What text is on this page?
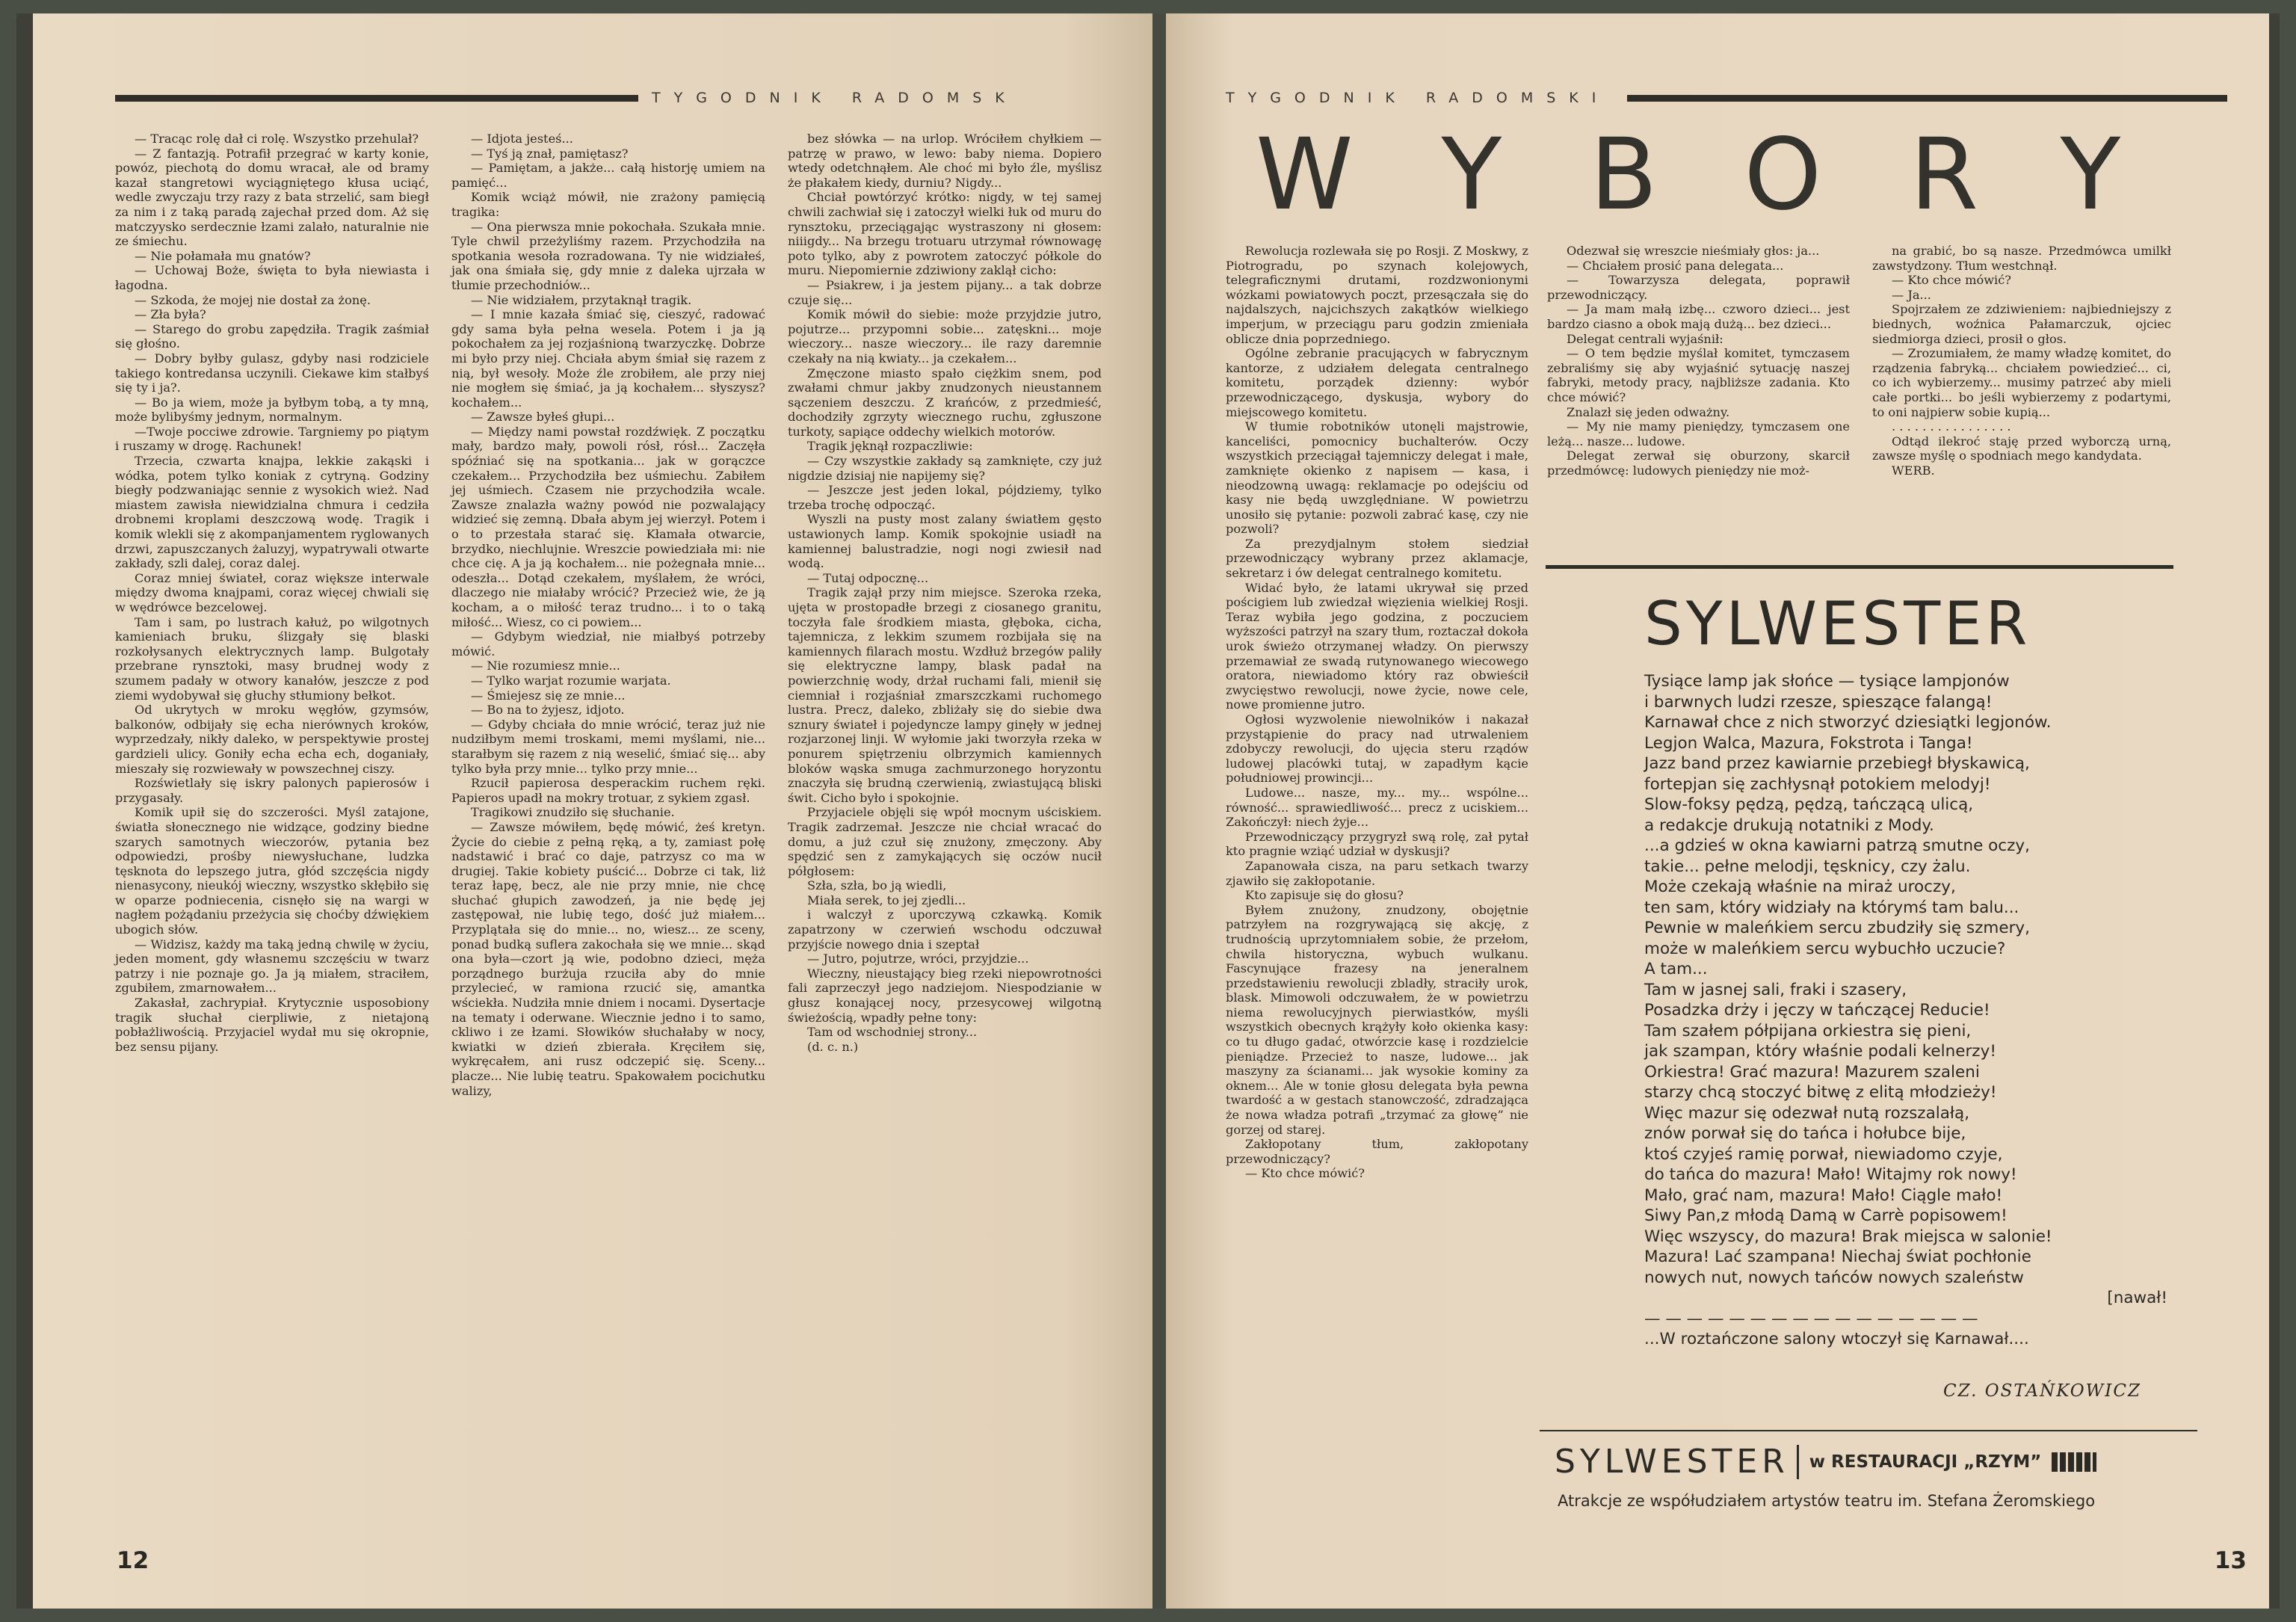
TYGODNIK RADOMSK

— Tracąc rolę dał ci rolę. Wszystko przehulał?

— Z fantazją. Potrafił przegrać w karty konie, powóz, piechotą do domu wracał, ale od bramy kazał stangretowi wyciągniętego kłusa uciąć, wedle zwyczaju trzy razy z bata strzelić, sam biegł za nim i z taką paradą zajechał przed dom. Aż się matczyysko serdecznie łzami zalało, naturalnie nie ze śmiechu.

— Nie połamała mu gnatów?

— Uchowaj Boże, święta to była niewiasta i łagodna.

— Szkoda, że mojej nie dostał za żonę.

— Zła była?

— Starego do grobu zapędziła. Tragik zaśmiał się głośno.

— Dobry byłby gulasz, gdyby nasi rodziciele takiego kontredansa uczynili. Ciekawe kim stałbyś się ty i ja?.

— Bo ja wiem, może ja byłbym tobą, a ty mną, może bylibyśmy jednym, normalnym.

—Twoje pocciwe zdrowie. Targniemy po piątym i ruszamy w drogę. Rachunek!

Trzecia, czwarta knajpa, lekkie zakąski i wódka, potem tylko koniak z cytryną. Godziny biegły podzwaniając sennie z wysokich wież. Nad miastem zawisła niewidzialna chmura i cedziła drobnemi kroplami deszczową wodę. Tragik i komik wlekli się z akompanjamentem ryglowanych drzwi, zapuszczanych żaluzyj, wypatrywali otwarte zakłady, szli dalej, coraz dalej.

Coraz mniej świateł, coraz większe interwale między dwoma knajpami, coraz więcej chwiali się w wędrówce bezcelowej.

Tam i sam, po lustrach kałuż, po wilgotnych kamieniach bruku, ślizgały się blaski rozkołysanych elektrycznych lamp. Bulgotały przebrane rynsztoki, masy brudnej wody z szumem padały w otwory kanałów, jeszcze z pod ziemi wydobywał się głuchy stłumiony bełkot.

Od ukrytych w mroku węgłów, gzymsów, balkonów, odbijały się echa nierównych kroków, wyprzedzały, nikły daleko, w perspektywie prostej gardzieli ulicy. Goniły echa echa ech, doganiały, mieszały się rozwiewały w powszechnej ciszy.

Rozświetlały się iskry palonych papierosów i przygasały.

Komik upił się do szczerości. Myśl zatajone, światła słonecznego nie widzące, godziny biedne szarych samotnych wieczorów, pytania bez odpowiedzi, prośby niewysłuchane, ludzka tęsknota do lepszego jutra, głód szczęścia nigdy nienasycony, nieukój wieczny, wszystko skłębiło się w oparze podniecenia, cisnęło się na wargi w nagłem pożądaniu przeżycia się choćby dźwiękiem ubogich słów.

— Widzisz, każdy ma taką jedną chwilę w życiu, jeden moment, gdy własnemu szczęściu w twarz patrzy i nie poznaje go. Ja ją miałem, straciłem, zgubiłem, zmarnowałem...

Zakasłał, zachrypiał. Krytycznie usposobiony tragik słuchał cierpliwie, z nietajoną pobłażliwością. Przyjaciel wydał mu się okropnie, bez sensu pijany.

— Idjota jesteś...

— Tyś ją znał, pamiętasz?

— Pamiętam, a jakże... całą historję umiem na pamięć...

Komik wciąż mówił, nie zrażony pamięcią tragika:

— Ona pierwsza mnie pokochała. Szukała mnie. Tyle chwil przeżyliśmy razem. Przychodziła na spotkania wesoła rozradowana. Ty nie widziałeś, jak ona śmiała się, gdy mnie z daleka ujrzała w tłumie przechodniów...

— Nie widziałem, przytaknął tragik.

— I mnie kazała śmiać się, cieszyć, radować gdy sama była pełna wesela. Potem i ja ją pokochałem za jej rozjaśnioną twarzyczkę. Dobrze mi było przy niej. Chciała abym śmiał się razem z nią, był wesoły. Może źle zrobiłem, ale przy niej nie mogłem się śmiać, ja ją kochałem... słyszysz? kochałem...

— Zawsze byłeś głupi...

— Między nami powstał rozdźwięk. Z początku mały, bardzo mały, powoli rósł, rósł... Zaczęła spóźniać się na spotkania... jak w gorączce czekałem... Przychodziła bez uśmiechu. Zabiłem jej uśmiech. Czasem nie przychodziła wcale. Zawsze znalazła ważny powód nie pozwalający widzieć się zemną. Dbała abym jej wierzył. Potem i o to przestała starać się. Kłamała otwarcie, brzydko, niechlujnie. Wreszcie powiedziała mi: nie chce cię. A ja ją kochałem... nie pożegnała mnie... odeszła... Dotąd czekałem, myślałem, że wróci, dlaczego nie miałaby wrócić? Przecież wie, że ją kocham, a o miłość teraz trudno... i to o taką miłość... Wiesz, co ci powiem...

— Gdybym wiedział, nie miałbyś potrzeby mówić.

— Nie rozumiesz mnie...

— Tylko warjat rozumie warjata.

— Śmiejesz się ze mnie...

— Bo na to żyjesz, idjoto.

— Gdyby chciała do mnie wrócić, teraz już nie nudziłbym memi troskami, memi myślami, nie... starałbym się razem z nią weselić, śmiać się... aby tylko była przy mnie... tylko przy mnie...

Rzucił papierosa desperackim ruchem ręki. Papieros upadł na mokry trotuar, z sykiem zgasł.

Tragikowi znudziło się słuchanie.

— Zawsze mówiłem, będę mówić, żeś kretyn. Życie do ciebie z pełną ręką, a ty, zamiast połę nadstawić i brać co daje, patrzysz co ma w drugiej. Takie kobiety puścić... Dobrze ci tak, liż teraz łapę, becz, ale nie przy mnie, nie chcę słuchać głupich zawodzeń, ja nie będę jej zastępował, nie lubię tego, dość już miałem... Przyplątała się do mnie... no, wiesz... ze sceny, ponad budką suflera zakochała się we mnie... skąd ona była—czort ją wie, podobno dzieci, męża porządnego burżuja rzuciła aby do mnie przylecieć, w ramiona rzucić się, amantka wściekła. Nudziła mnie dniem i nocami. Dysertacje na tematy i oderwane. Wiecznie jedno i to samo, ckliwo i ze łzami. Słowików słuchałaby w nocy, kwiatki w dzień zbierała. Kręciłem się, wykręcałem, ani rusz odczepić się. Sceny... placze... Nie lubię teatru. Spakowałem pocichutku walizy,

bez słówka — na urlop. Wróciłem chyłkiem — patrzę w prawo, w lewo: baby niema. Dopiero wtedy odetchnąłem. Ale choć mi było źle, myślisz że płakałem kiedy, durniu? Nigdy...

Chciał powtórzyć krótko: nigdy, w tej samej chwili zachwiał się i zatoczył wielki łuk od muru do rynsztoku, przeciągając wystraszony ni głosem: niiigdy... Na brzegu trotuaru utrzymał równowagę poto tylko, aby z powrotem zatoczyć półkole do muru. Niepomiernie zdziwiony zaklął cicho:

— Psiakrew, i ja jestem pijany... a tak dobrze czuje się...

Komik mówił do siebie: może przyjdzie jutro, pojutrze... przypomni sobie... zatęskni... moje wieczory... nasze wieczory... ile razy daremnie czekały na nią kwiaty... ja czekałem...

Zmęczone miasto spało ciężkim snem, pod zwałami chmur jakby znudzonych nieustannem sączeniem deszczu. Z krańców, z przedmieść, dochodziły zgrzyty wiecznego ruchu, zgłuszone turkoty, sapiące oddechy wielkich motorów.

Tragik jęknął rozpaczliwie:

— Czy wszystkie zakłady są zamknięte, czy już nigdzie dzisiaj nie napijemy się?

— Jeszcze jest jeden lokal, pójdziemy, tylko trzeba trochę odpocząć.

Wyszli na pusty most zalany światłem gęsto ustawionych lamp. Komik spokojnie usiadł na kamiennej balustradzie, nogi nogi zwiesił nad wodą.

— Tutaj odpocznę...

Tragik zajął przy nim miejsce. Szeroka rzeka, ujęta w prostopadłe brzegi z ciosanego granitu, toczyła fale środkiem miasta, głęboka, cicha, tajemnicza, z lekkim szumem rozbijała się na kamiennych filarach mostu. Wzdłuż brzegów paliły się elektryczne lampy, blask padał na powierzchnię wody, drżał ruchami fali, mienił się ciemniał i rozjaśniał zmarszczkami ruchomego lustra. Precz, daleko, zbliżały się do siebie dwa sznury świateł i pojedyncze lampy ginęły w jednej rozjarzonej linji. W wyłomie jaki tworzyła rzeka w ponurem spiętrzeniu olbrzymich kamiennych bloków wąska smuga zachmurzonego horyzontu znaczyła się brudną czerwienią, zwiastującą bliski świt. Cicho było i spokojnie.

Przyjaciele objęli się wpół mocnym uściskiem. Tragik zadrzemał. Jeszcze nie chciał wracać do domu, a już czuł się znużony, zmęczony. Aby spędzić sen z zamykających się oczów nucił półgłosem:

Szła, szła, bo ją wiedli,

Miała serek, to jej zjedli...

i walczył z uporczywą czkawką. Komik zapatrzony w czerwień wschodu odczuwał przyjście nowego dnia i szeptał

— Jutro, pojutrze, wróci, przyjdzie...

Wieczny, nieustający bieg rzeki niepowrotności fali zaprzeczył jego nadziejom. Niespodzianie w głusz konającej nocy, przesycowej wilgotną świeżością, wpadły pełne tony:

Tam od wschodniej strony...

(d. c. n.)

12
TYGODNIK RADOMSKI
WYBORY

Rewolucja rozlewała się po Rosji. Z Moskwy, z Piotrogradu, po szynach kolejowych, telegraficznymi drutami, rozdzwonionymi wózkami powiatowych poczt, przesączała się do najdalszych, najcichszych zakątków wielkiego imperjum, w przeciągu paru godzin zmieniała oblicze dnia poprzedniego.

Ogólne zebranie pracujących w fabrycznym kantorze, z udziałem delegata centralnego komitetu, porządek dzienny: wybór przewodniczącego, dyskusja, wybory do miejscowego komitetu.

W tłumie robotników utonęli majstrowie, kanceliści, pomocnicy buchalterów. Oczy wszystkich przeciągał tajemniczy delegat i małe, zamknięte okienko z napisem — kasa, i nieodzowną uwagą: reklamacje po odejściu od kasy nie będą uwzględniane. W powietrzu unosiło się pytanie: pozwoli zabrać kasę, czy nie pozwoli?

Za prezydjalnym stołem siedział przewodniczący wybrany przez aklamacje, sekretarz i ów delegat centralnego komitetu.

Widać było, że latami ukrywał się przed pościgiem lub zwiedzał więzienia wielkiej Rosji. Teraz wybiła jego godzina, z poczuciem wyższości patrzył na szary tłum, roztaczał dokoła urok świeżo otrzymanej władzy. On pierwszy przemawiał ze swadą rutynowanego wiecowego oratora, niewiadomo który raz obwieścił zwycięstwo rewolucji, nowe życie, nowe cele, nowe promienne jutro.

Ogłosi wyzwolenie niewolników i nakazał przystąpienie do pracy nad utrwaleniem zdobyczy rewolucji, do ujęcia steru rządów ludowej placówki tutaj, w zapadłym kącie południowej prowincji...

Ludowe... nasze, my... my... wspólne... równość... sprawiedliwość... precz z uciskiem... Zakończył: niech żyje...

Przewodniczący przygryzł swą rolę, zał pytał kto pragnie wziąć udział w dyskusji?

Zapanowała cisza, na paru setkach twarzy zjawiło się zakłopotanie.

Kto zapisuje się do głosu?

Byłem znużony, znudzony, obojętnie patrzyłem na rozgrywającą się akcję, z trudnością uprzytomniałem sobie, że przełom, chwila historyczna, wybuch wulkanu. Fascynujące frazesy na jeneralnem przedstawieniu rewolucji zbladły, straciły urok, blask. Mimowoli odczuwałem, że w powietrzu niema rewolucyjnych pierwiastków, myśli wszystkich obecnych krążyły koło okienka kasy: co tu długo gadać, otwórzcie kasę i rozdzielcie pieniądze. Przecież to nasze, ludowe... jak maszyny za ścianami... jak wysokie kominy za oknem... Ale w tonie głosu delegata była pewna twardość a w gestach stanowczość, zdradzająca że nowa władza potrafi „trzymać za głowę” nie gorzej od starej.

Zakłopotany tłum, zakłopotany przewodniczący?

— Kto chce mówić?

Odezwał się wreszcie nieśmiały głos: ja...

— Chciałem prosić pana delegata...

— Towarzysza delegata, poprawił przewodniczący.

— Ja mam małą izbę... czworo dzieci... jest bardzo ciasno a obok mają dużą... bez dzieci...

Delegat centrali wyjaśnił:

— O tem będzie myślał komitet, tymczasem zebraliśmy się aby wyjaśnić sytuację naszej fabryki, metody pracy, najbliższe zadania. Kto chce mówić?

Znalazł się jeden odważny.

— My nie mamy pieniędzy, tymczasem one leżą... nasze... ludowe.

Delegat zerwał się oburzony, skarcił przedmówcę: ludowych pieniędzy nie moż-

na grabić, bo są nasze. Przedmówca umilkł zawstydzony. Tłum westchnął.

— Kto chce mówić?

— Ja...

Spojrzałem ze zdziwieniem: najbiedniejszy z biednych, woźnica Pałamarczuk, ojciec siedmiorga dzieci, prosił o głos.

— Zrozumiałem, że mamy władzę komitet, do rządzenia fabryką... chciałem powiedzieć... ci, co ich wybierzemy... musimy patrzeć aby mieli całe portki... bo jeśli wybierzemy z podartymi, to oni najpierw sobie kupią...

. . . . . . . . . . . . . . . .

Odtąd ilekroć staję przed wyborczą urną, zawsze myślę o spodniach mego kandydata.

WERB.

SYLWESTER
Tysiące lamp jak słońce — tysiące lampjonów
i barwnych ludzi rzesze, spieszące falangą!
Karnawał chce z nich stworzyć dziesiątki legjonów.
Legjon Walca, Mazura, Fokstrota i Tanga!
Jazz band przez kawiarnie przebiegł błyskawicą,
fortepjan się zachłysnął potokiem melodyj!
Slow-foksy pędzą, pędzą, tańczącą ulicą,
a redakcje drukują notatniki z Mody.
...a gdzieś w okna kawiarni patrzą smutne oczy,
takie... pełne melodji, tęsknicy, czy żalu.
Może czekają właśnie na miraż uroczy,
ten sam, który widziały na którymś tam balu...
Pewnie w maleńkiem sercu zbudziły się szmery,
może w maleńkiem sercu wybuchło uczucie?
A tam...
Tam w jasnej sali, fraki i szasery,
Posadzka drży i jęczy w tańczącej Reducie!
Tam szałem półpijana orkiestra się pieni,
jak szampan, który właśnie podali kelnerzy!
Orkiestra! Grać mazura! Mazurem szaleni
starzy chcą stoczyć bitwę z elitą młodzieży!
Więc mazur się odezwał nutą rozszalałą,
znów porwał się do tańca i hołubce bije,
ktoś czyjeś ramię porwał, niewiadomo czyje,
do tańca do mazura! Mało! Witajmy rok nowy!
Mało, grać nam, mazura! Mało! Ciągle mało!
Siwy Pan,z młodą Damą w Carrè popisowem!
Więc wszyscy, do mazura! Brak miejsca w salonie!
Mazura! Lać szampana! Niechaj świat pochłonie
nowych nut, nowych tańców nowych szaleństw
[nawał!
— — — — — — — — — — — — — — — —
...W roztańczone salony wtoczył się Karnawał....
CZ. OSTAŃKOWICZ
SYLWESTER w RESTAURACJI „RZYM”
Atrakcje ze współudziałem artystów teatru im. Stefana Żeromskiego
13
